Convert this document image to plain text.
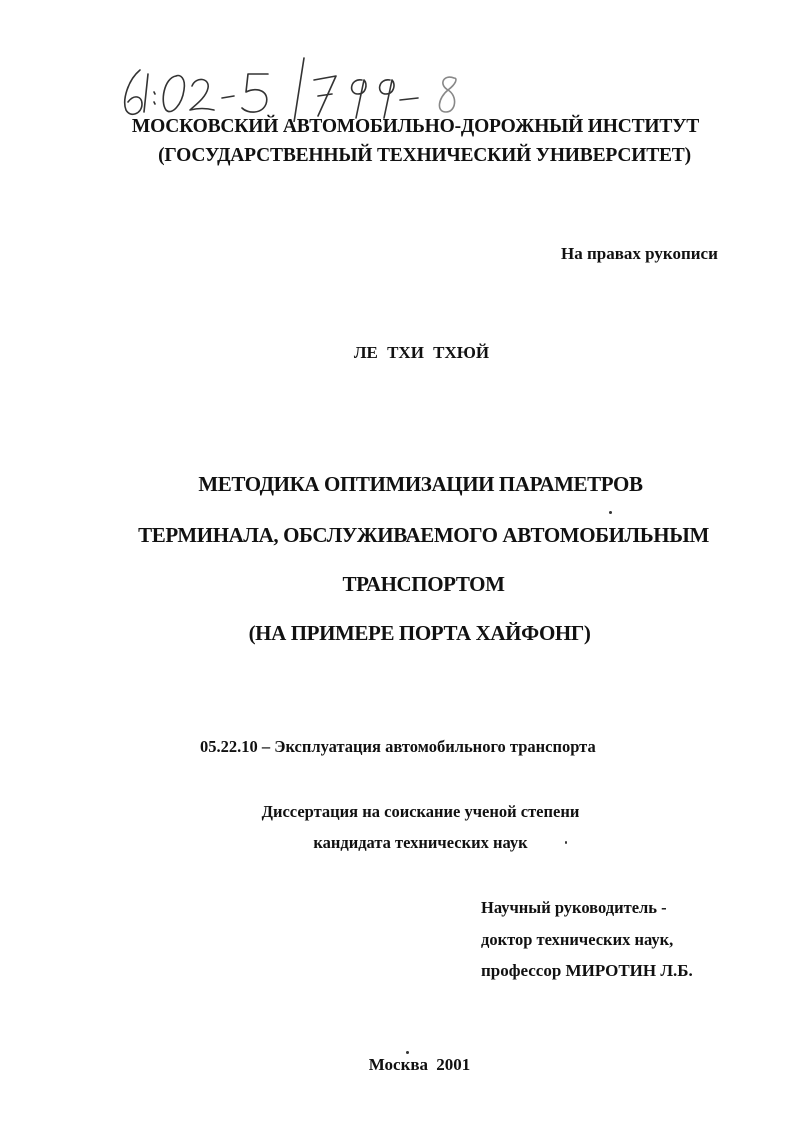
МОСКОВСКИЙ АВТОМОБИЛЬНО-ДОРОЖНЫЙ ИНСТИТУТ
(ГОСУДАРСТВЕННЫЙ ТЕХНИЧЕСКИЙ УНИВЕРСИТЕТ)
На правах рукописи
ЛЕ ТХИ ТХЮЙ
МЕТОДИКА ОПТИМИЗАЦИИ ПАРАМЕТРОВ
ТЕРМИНАЛА, ОБСЛУЖИВАЕМОГО АВТОМОБИЛЬНЫМ
ТРАНСПОРТОМ
(НА ПРИМЕРЕ ПОРТА ХАЙФОНГ)
05.22.10 – Эксплуатация автомобильного транспорта
Диссертация на соискание ученой степени
кандидата технических наук
Научный руководитель -
доктор технических наук,
профессор МИРОТИН Л.Б.
Москва 2001
